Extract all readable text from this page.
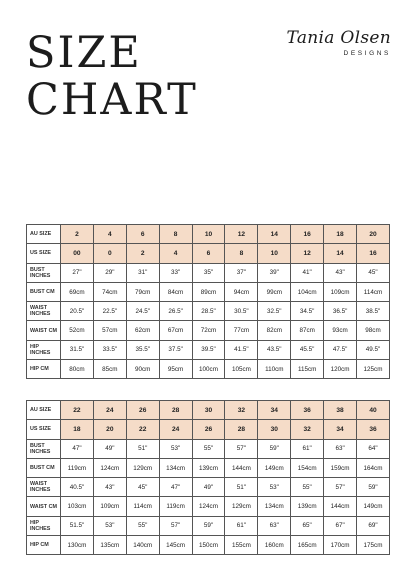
SIZE
CHART
Tania Olsen
DESIGNS
AU SIZE	2	4	6	8	10	12	14	16	18	20
US SIZE	00	0	2	4	6	8	10	12	14	16
BUST INCHES	27"	29"	31"	33"	35"	37"	39"	41"	43"	45"
BUST CM	69cm	74cm	79cm	84cm	89cm	94cm	99cm	104cm	109cm	114cm
WAIST INCHES	20.5"	22.5"	24.5"	26.5"	28.5"	30.5"	32.5"	34.5"	36.5"	38.5"
WAIST CM	52cm	57cm	62cm	67cm	72cm	77cm	82cm	87cm	93cm	98cm
HIP INCHES	31.5"	33.5"	35.5"	37.5"	39.5"	41.5"	43.5"	45.5"	47.5"	49.5"
HIP CM	80cm	85cm	90cm	95cm	100cm	105cm	110cm	115cm	120cm	125cm
AU SIZE	22	24	26	28	30	32	34	36	38	40
US SIZE	18	20	22	24	26	28	30	32	34	36
BUST INCHES	47"	49"	51"	53"	55"	57"	59"	61"	63"	64"
BUST CM	119cm	124cm	129cm	134cm	139cm	144cm	149cm	154cm	159cm	164cm
WAIST INCHES	40.5"	43"	45"	47"	49"	51"	53"	55"	57"	59"
WAIST CM	103cm	109cm	114cm	119cm	124cm	129cm	134cm	139cm	144cm	149cm
HIP INCHES	51.5"	53"	55"	57"	59"	61"	63"	65"	67"	69"
HIP CM	130cm	135cm	140cm	145cm	150cm	155cm	160cm	165cm	170cm	175cm
